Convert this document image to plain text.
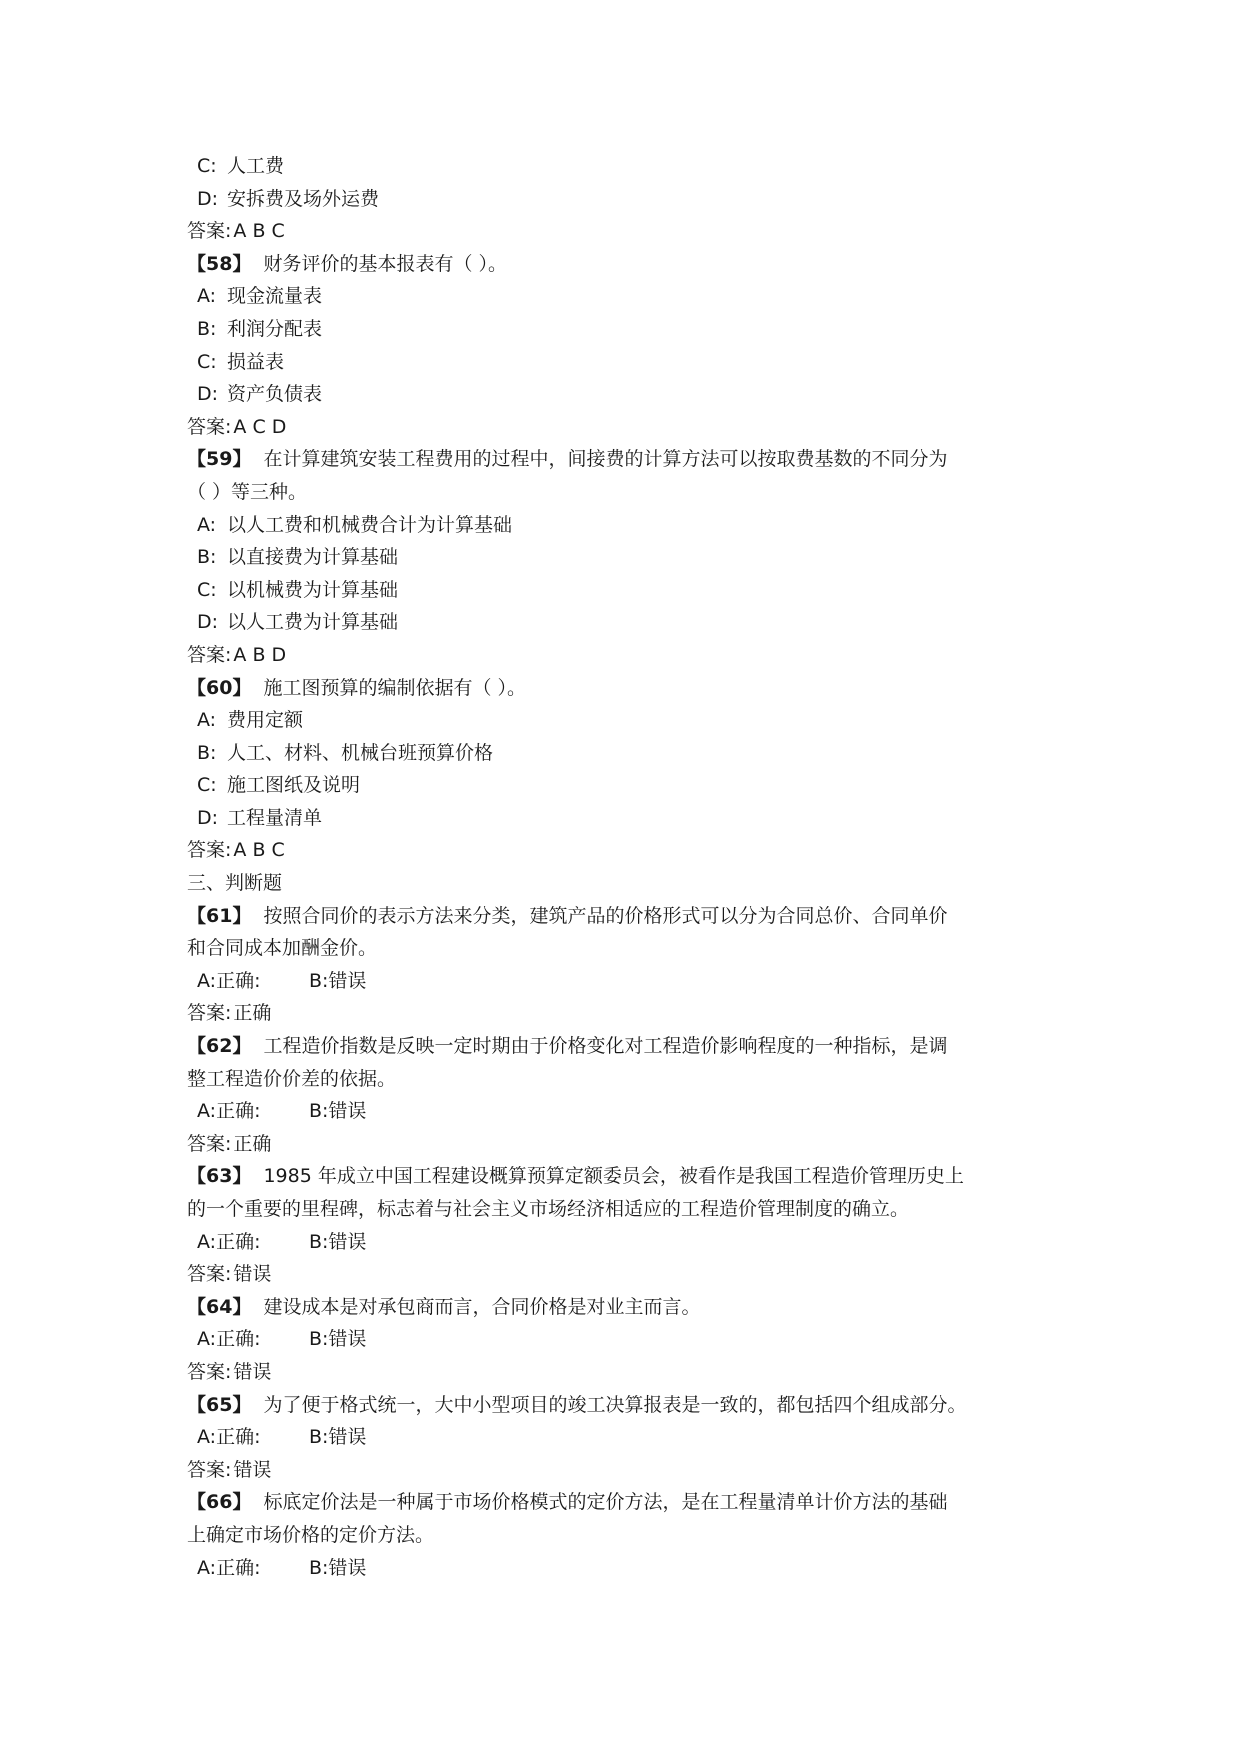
C: 人工费
D: 安拆费及场外运费
答案: A B C
【58】 财务评价的基本报表有（ ）。
A: 现金流量表
B: 利润分配表
C: 损益表
D: 资产负债表
答案: A C D
【59】 在计算建筑安装工程费用的过程中，间接费的计算方法可以按取费基数的不同分为
（ ）等三种。
A: 以人工费和机械费合计为计算基础
B: 以直接费为计算基础
C: 以机械费为计算基础
D: 以人工费为计算基础
答案: A B D
【60】 施工图预算的编制依据有（ ）。
A: 费用定额
B: 人工、材料、机械台班预算价格
C: 施工图纸及说明
D: 工程量清单
答案: A B C
三、判断题
【61】 按照合同价的表示方法来分类，建筑产品的价格形式可以分为合同总价、合同单价
和合同成本加酬金价。
A:正确:	B:错误
答案: 正确
【62】 工程造价指数是反映一定时期由于价格变化对工程造价影响程度的一种指标，是调
整工程造价价差的依据。
A:正确:	B:错误
答案: 正确
【63】 1985 年成立中国工程建设概算预算定额委员会，被看作是我国工程造价管理历史上
的一个重要的里程碑，标志着与社会主义市场经济相适应的工程造价管理制度的确立。
A:正确:	B:错误
答案: 错误
【64】 建设成本是对承包商而言，合同价格是对业主而言。
A:正确:	B:错误
答案: 错误
【65】 为了便于格式统一，大中小型项目的竣工决算报表是一致的，都包括四个组成部分。
A:正确:	B:错误
答案: 错误
【66】 标底定价法是一种属于市场价格模式的定价方法，是在工程量清单计价方法的基础
上确定市场价格的定价方法。
A:正确:	B:错误
